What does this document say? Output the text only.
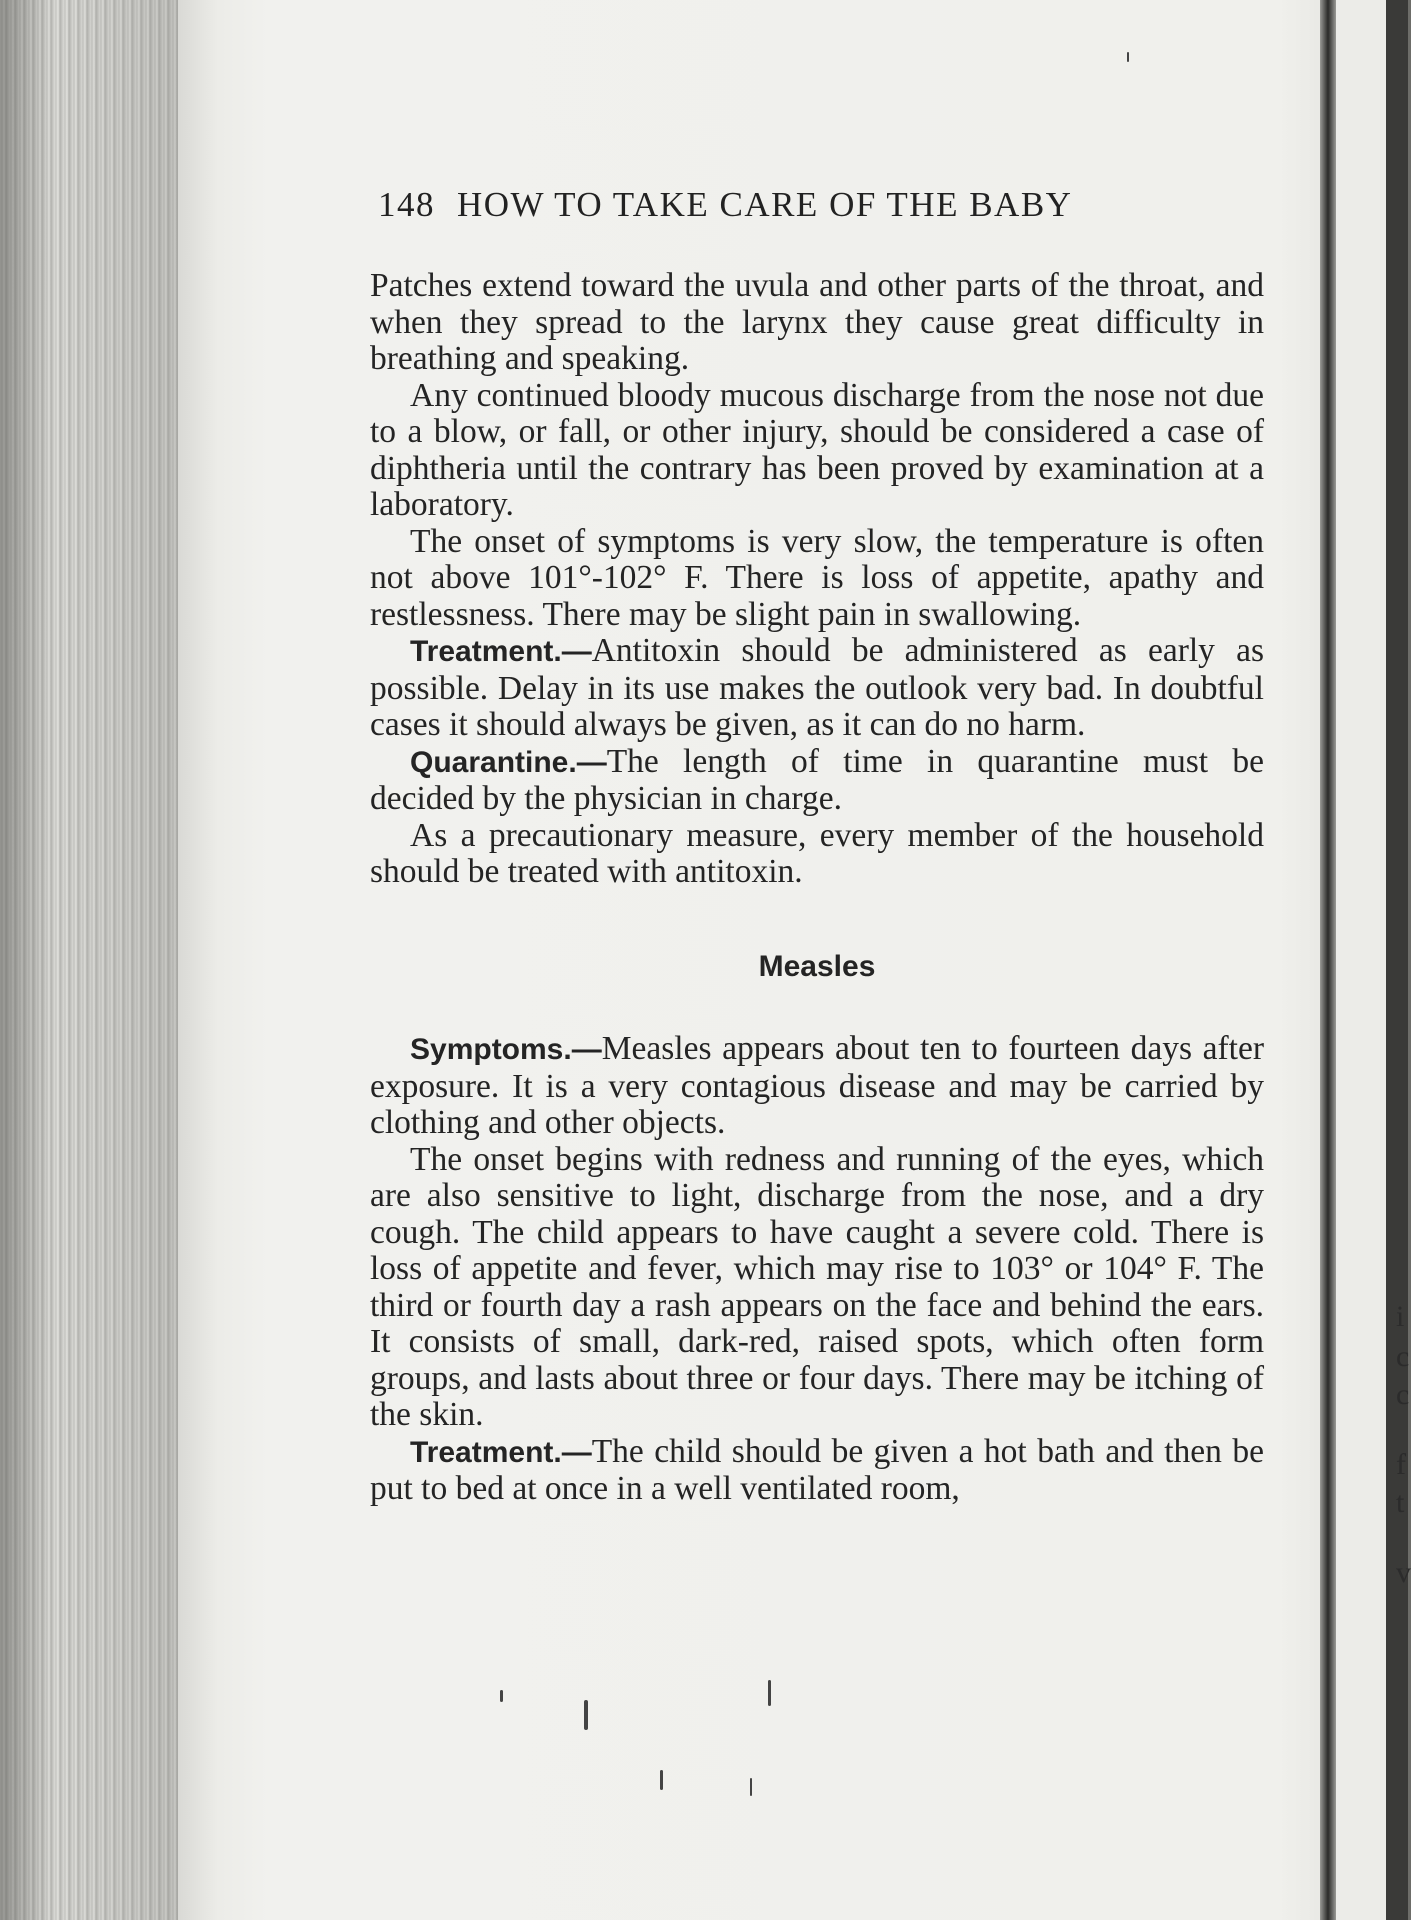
i
c
c
f
t
v
148 HOW TO TAKE CARE OF THE BABY

Patches extend toward the uvula and other parts of the throat, and when they spread to the larynx they cause great difficulty in breathing and speaking.

Any continued bloody mucous discharge from the nose not due to a blow, or fall, or other injury, should be considered a case of diphtheria until the contrary has been proved by examination at a laboratory.

The onset of symptoms is very slow, the temperature is often not above 101°-102° F. There is loss of appetite, apathy and restlessness. There may be slight pain in swallowing.

Treatment.—Antitoxin should be administered as early as possible. Delay in its use makes the outlook very bad. In doubtful cases it should always be given, as it can do no harm.

Quarantine.—The length of time in quarantine must be decided by the physician in charge.

As a precautionary measure, every member of the household should be treated with antitoxin.

Measles

Symptoms.—Measles appears about ten to fourteen days after exposure. It is a very contagious disease and may be carried by clothing and other objects.

The onset begins with redness and running of the eyes, which are also sensitive to light, discharge from the nose, and a dry cough. The child appears to have caught a severe cold. There is loss of appetite and fever, which may rise to 103° or 104° F. The third or fourth day a rash appears on the face and behind the ears. It consists of small, dark-red, raised spots, which often form groups, and lasts about three or four days. There may be itching of the skin.

Treatment.—The child should be given a hot bath and then be put to bed at once in a well ventilated room,
